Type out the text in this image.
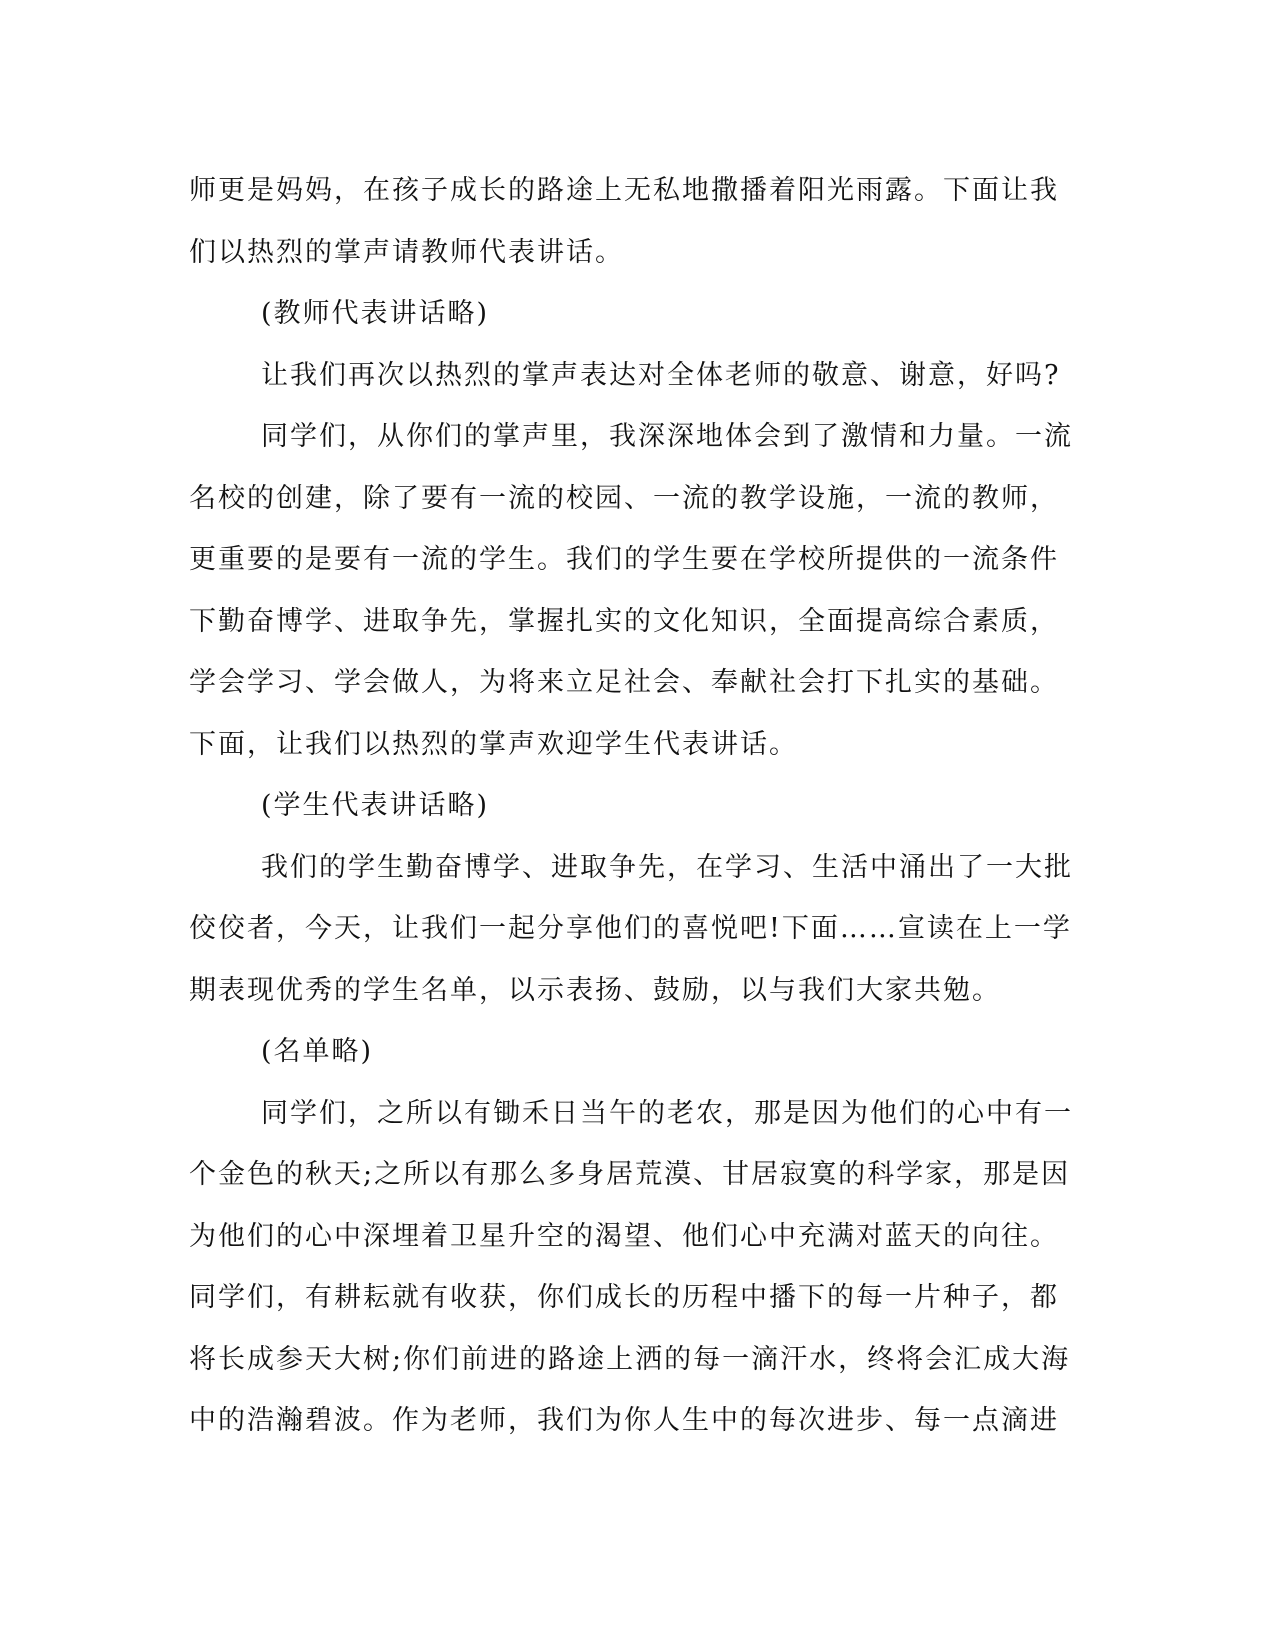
师更是妈妈，在孩子成长的路途上无私地撒播着阳光雨露。下面让我
们以热烈的掌声请教师代表讲话。
(教师代表讲话略)
让我们再次以热烈的掌声表达对全体老师的敬意、谢意，好吗?
同学们，从你们的掌声里，我深深地体会到了激情和力量。一流
名校的创建，除了要有一流的校园、一流的教学设施，一流的教师，
更重要的是要有一流的学生。我们的学生要在学校所提供的一流条件
下勤奋博学、进取争先，掌握扎实的文化知识，全面提高综合素质，
学会学习、学会做人，为将来立足社会、奉献社会打下扎实的基础。
下面，让我们以热烈的掌声欢迎学生代表讲话。
(学生代表讲话略)
我们的学生勤奋博学、进取争先，在学习、生活中涌出了一大批
佼佼者，今天，让我们一起分享他们的喜悦吧!下面……宣读在上一学
期表现优秀的学生名单，以示表扬、鼓励，以与我们大家共勉。
(名单略)
同学们，之所以有锄禾日当午的老农，那是因为他们的心中有一
个金色的秋天;之所以有那么多身居荒漠、甘居寂寞的科学家，那是因
为他们的心中深埋着卫星升空的渴望、他们心中充满对蓝天的向往。
同学们，有耕耘就有收获，你们成长的历程中播下的每一片种子，都
将长成参天大树;你们前进的路途上洒的每一滴汗水，终将会汇成大海
中的浩瀚碧波。作为老师，我们为你人生中的每次进步、每一点滴进
